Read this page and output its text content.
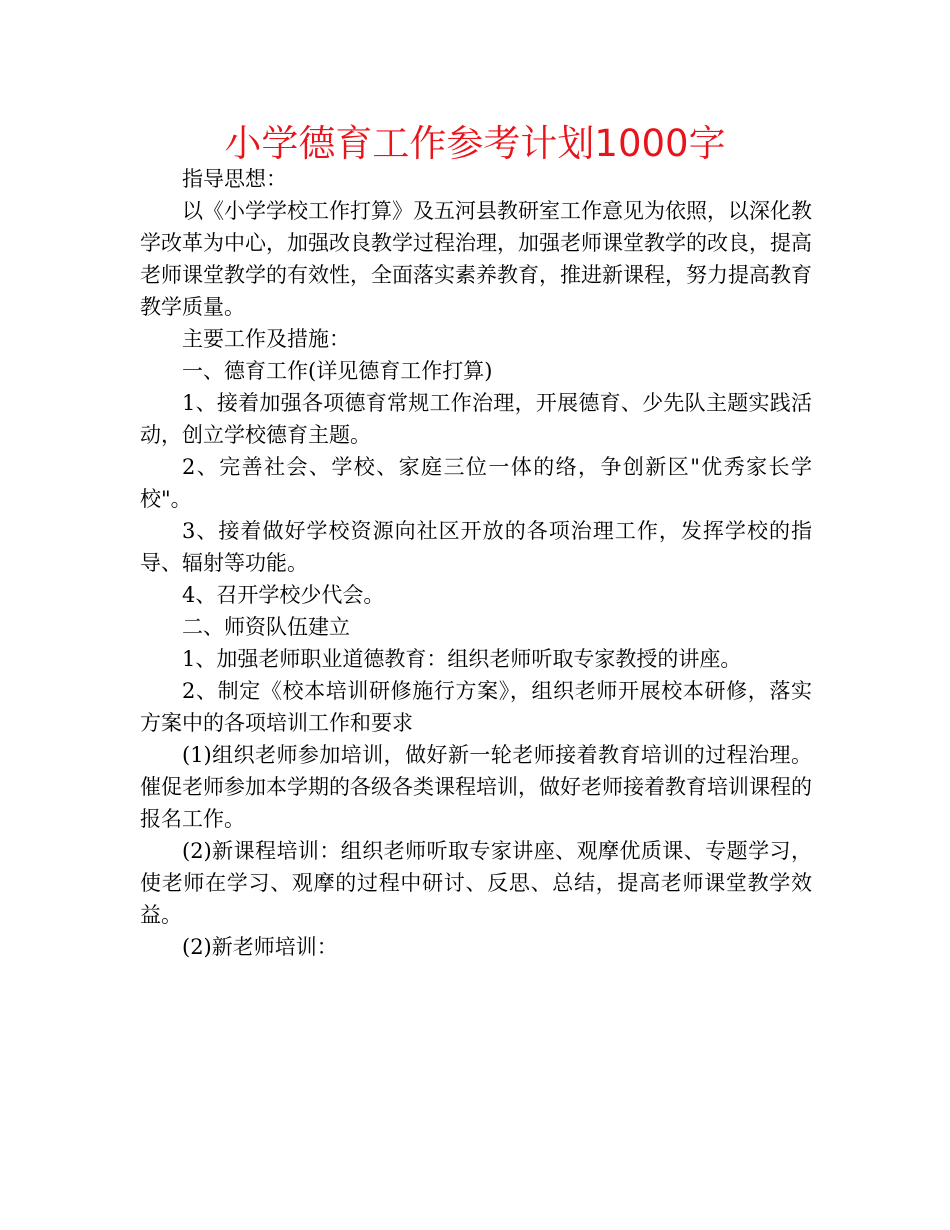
小学德育工作参考计划1000字

指导思想：

以《小学学校工作打算》及五河县教研室工作意见为依照，以深化教学改革为中心，加强改良教学过程治理，加强老师课堂教学的改良，提高老师课堂教学的有效性，全面落实素养教育，推进新课程，努力提高教育教学质量。

主要工作及措施：

一、德育工作(详见德育工作打算)

1、接着加强各项德育常规工作治理，开展德育、少先队主题实践活动，创立学校德育主题。

2、完善社会、学校、家庭三位一体的络，争创新区"优秀家长学校"。

3、接着做好学校资源向社区开放的各项治理工作，发挥学校的指导、辐射等功能。

4、召开学校少代会。

二、师资队伍建立

1、加强老师职业道德教育：组织老师听取专家教授的讲座。

2、制定《校本培训研修施行方案》，组织老师开展校本研修，落实方案中的各项培训工作和要求

(1)组织老师参加培训，做好新一轮老师接着教育培训的过程治理。催促老师参加本学期的各级各类课程培训，做好老师接着教育培训课程的报名工作。

(2)新课程培训：组织老师听取专家讲座、观摩优质课、专题学习，使老师在学习、观摩的过程中研讨、反思、总结，提高老师课堂教学效益。

(2)新老师培训：
